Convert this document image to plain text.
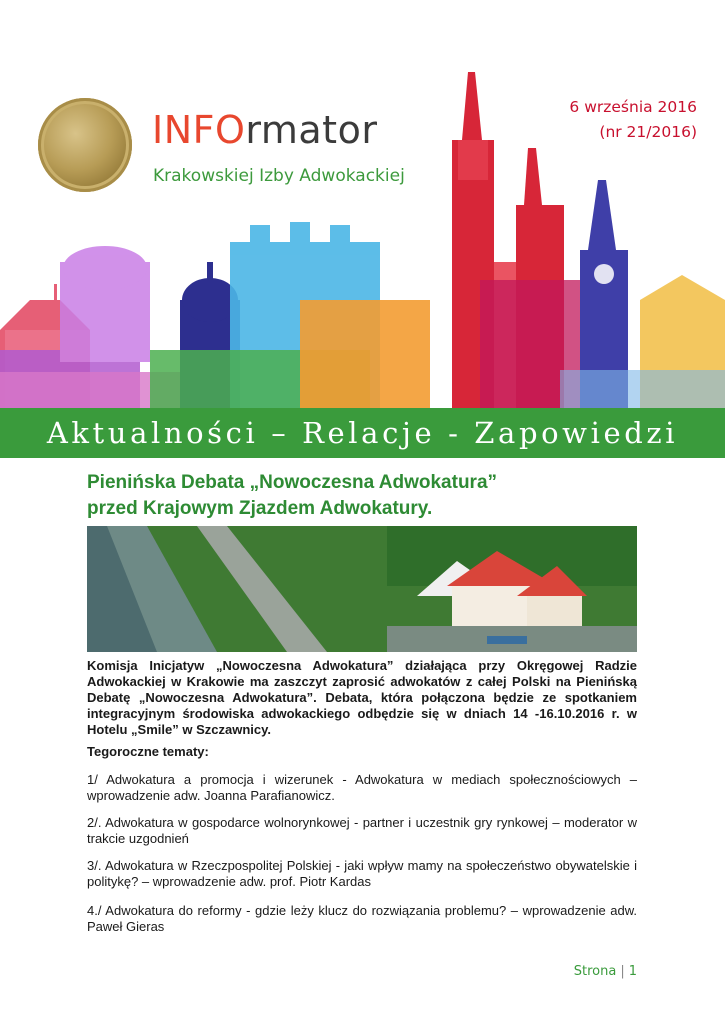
INFOrmator
Krakowskiej Izby Adwokackiej
6 września 2016
(nr 21/2016)
Aktualności – Relacje - Zapowiedzi
Pienińska Debata „Nowoczesna Adwokatura”
przed Krajowym Zjazdem Adwokatury.

Komisja Inicjatyw „Nowoczesna Adwokatura” działająca przy Okręgowej Radzie Adwokackiej w Krakowie ma zaszczyt zaprosić adwokatów z całej Polski na Pienińską Debatę „Nowoczesna Adwokatura”. Debata, która połączona będzie ze spotkaniem integracyjnym środowiska adwokackiego odbędzie się w dniach 14 -16.10.2016 r. w Hotelu „Smile” w Szczawnicy.

Tegoroczne tematy:

1/ Adwokatura a promocja i wizerunek - Adwokatura w mediach społecznościowych – wprowadzenie adw. Joanna Parafianowicz.

2/. Adwokatura w gospodarce wolnorynkowej - partner i uczestnik gry rynkowej – moderator w trakcie uzgodnień

3/. Adwokatura w Rzeczpospolitej Polskiej - jaki wpływ mamy na społeczeństwo obywatelskie i politykę? – wprowadzenie adw. prof. Piotr Kardas

4./ Adwokatura do reformy - gdzie leży klucz do rozwiązania problemu? – wprowadzenie adw. Paweł Gieras

Strona | 1
